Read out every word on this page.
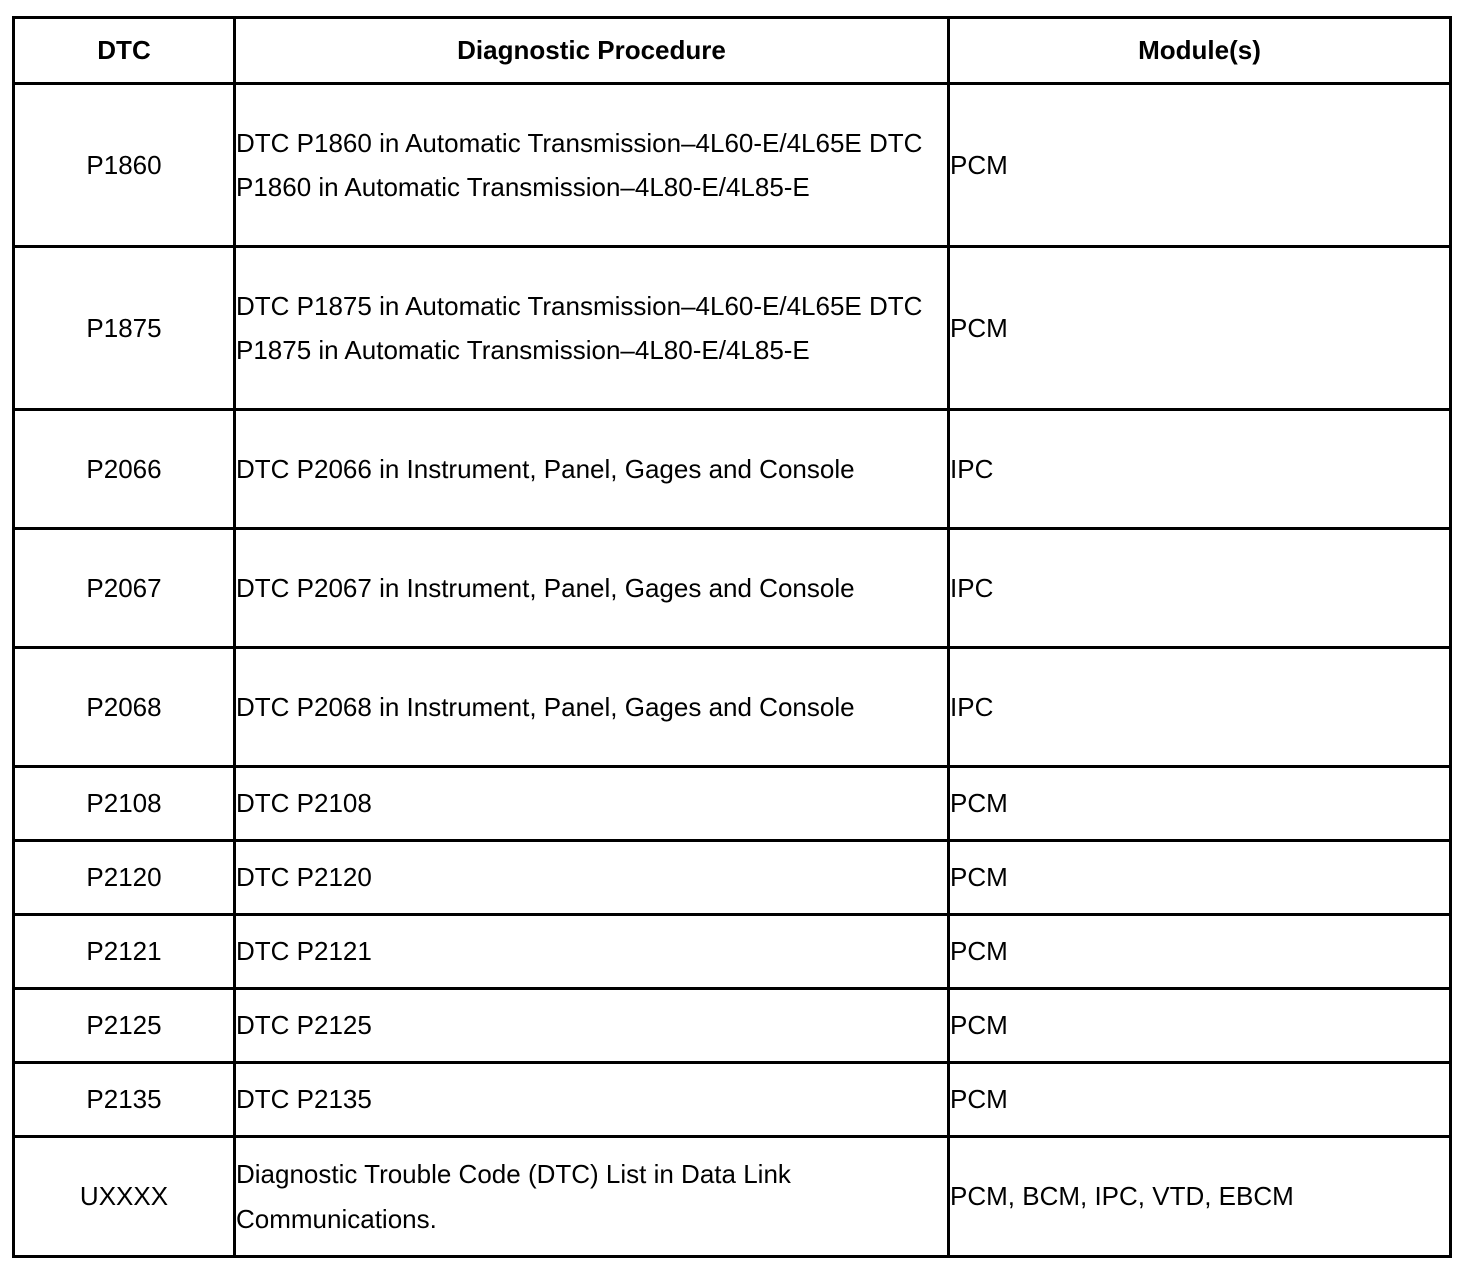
DTC	Diagnostic Procedure	Module(s)
P1860	DTC P1860 in Automatic Transmission–4L60-E/4L65E DTC P1860 in Automatic Transmission–4L80-E/4L85-E	PCM
P1875	DTC P1875 in Automatic Transmission–4L60-E/4L65E DTC P1875 in Automatic Transmission–4L80-E/4L85-E	PCM
P2066	DTC P2066 in Instrument, Panel, Gages and Console	IPC
P2067	DTC P2067 in Instrument, Panel, Gages and Console	IPC
P2068	DTC P2068 in Instrument, Panel, Gages and Console	IPC
P2108	DTC P2108	PCM
P2120	DTC P2120	PCM
P2121	DTC P2121	PCM
P2125	DTC P2125	PCM
P2135	DTC P2135	PCM
UXXXX	Diagnostic Trouble Code (DTC) List in Data Link Communications.	PCM, BCM, IPC, VTD, EBCM
